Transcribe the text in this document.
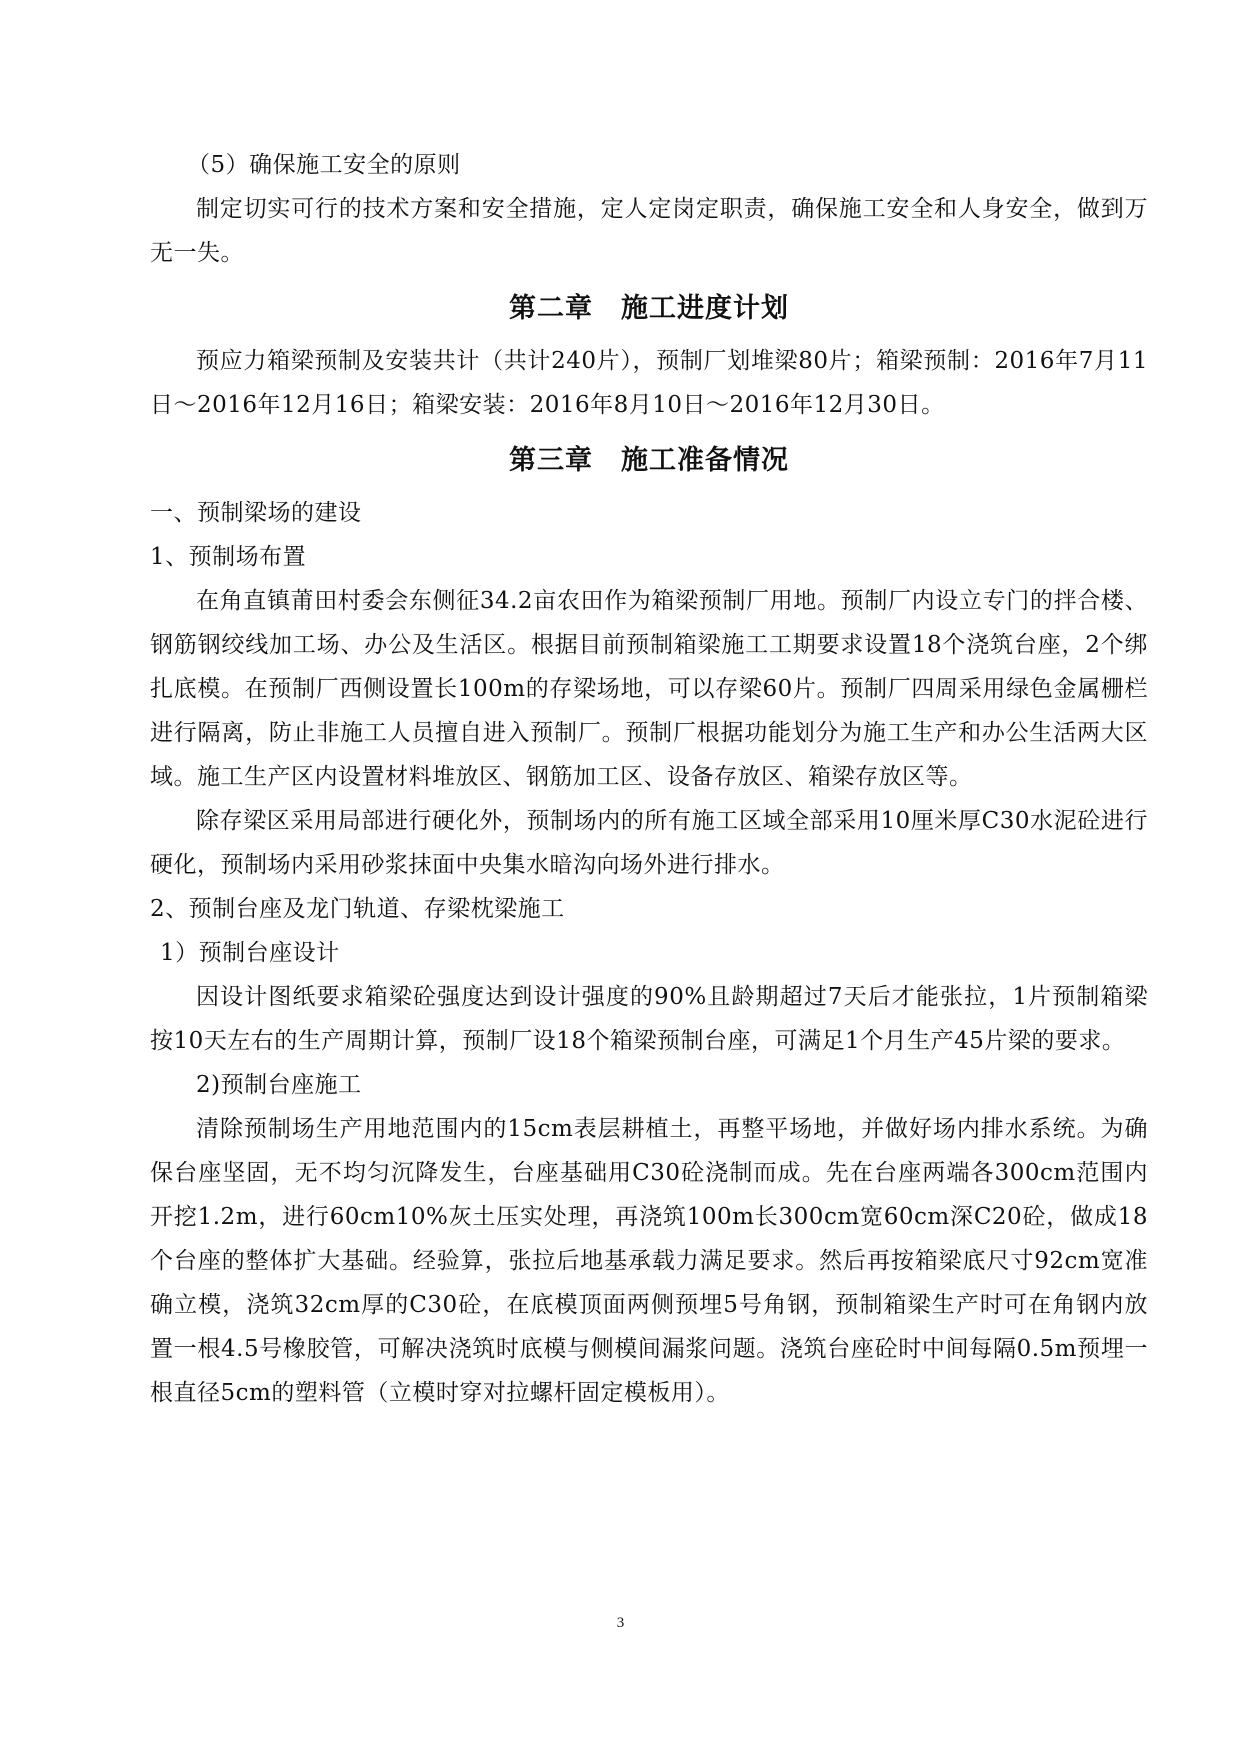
（5）确保施工安全的原则

制定切实可行的技术方案和安全措施，定人定岗定职责，确保施工安全和人身安全，做到万无一失。

第二章 施工进度计划

预应力箱梁预制及安装共计（共计240片），预制厂划堆梁80片；箱梁预制：2016年7月11日～2016年12月16日；箱梁安装：2016年8月10日～2016年12月30日。

第三章 施工准备情况

一、预制梁场的建设

1、预制场布置

在角直镇莆田村委会东侧征34.2亩农田作为箱梁预制厂用地。预制厂内设立专门的拌合楼、钢筋钢绞线加工场、办公及生活区。根据目前预制箱梁施工工期要求设置18个浇筑台座，2个绑扎底模。在预制厂西侧设置长100m的存梁场地，可以存梁60片。预制厂四周采用绿色金属栅栏进行隔离，防止非施工人员擅自进入预制厂。预制厂根据功能划分为施工生产和办公生活两大区域。施工生产区内设置材料堆放区、钢筋加工区、设备存放区、箱梁存放区等。

除存梁区采用局部进行硬化外，预制场内的所有施工区域全部采用10厘米厚C30水泥砼进行硬化，预制场内采用砂浆抹面中央集水暗沟向场外进行排水。

2、预制台座及龙门轨道、存梁枕梁施工

1）预制台座设计

因设计图纸要求箱梁砼强度达到设计强度的90%且龄期超过7天后才能张拉，1片预制箱梁按10天左右的生产周期计算，预制厂设18个箱梁预制台座，可满足1个月生产45片梁的要求。

2)预制台座施工

清除预制场生产用地范围内的15cm表层耕植土，再整平场地，并做好场内排水系统。为确保台座坚固，无不均匀沉降发生，台座基础用C30砼浇制而成。先在台座两端各300cm范围内开挖1.2m，进行60cm10%灰土压实处理，再浇筑100m长300cm宽60cm深C20砼，做成18个台座的整体扩大基础。经验算，张拉后地基承载力满足要求。然后再按箱梁底尺寸92cm宽准确立模，浇筑32cm厚的C30砼，在底模顶面两侧预埋5号角钢，预制箱梁生产时可在角钢内放置一根4.5号橡胶管，可解决浇筑时底模与侧模间漏浆问题。浇筑台座砼时中间每隔0.5m预埋一根直径5cm的塑料管（立模时穿对拉螺杆固定模板用）。

3
